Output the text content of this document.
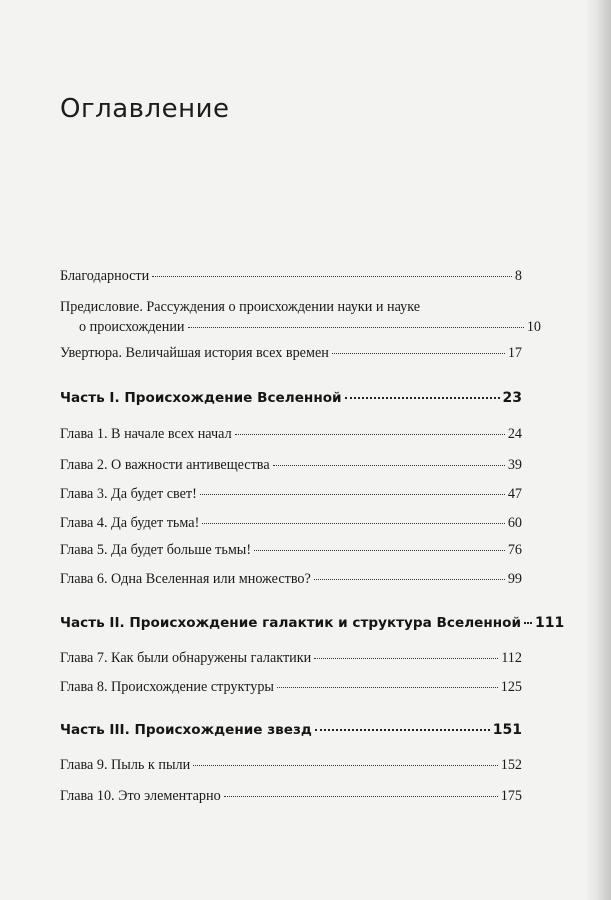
Оглавление
Благодарности	8
Предисловие. Рассуждения о происхождении науки и науке
о происхождении	10
Увертюра. Величайшая история всех времен	17
Часть I. Происхождение Вселенной	23
Глава 1. В начале всех начал	24
Глава 2. О важности антивещества	39
Глава 3. Да будет свет!	47
Глава 4. Да будет тьма!	60
Глава 5. Да будет больше тьмы!	76
Глава 6. Одна Вселенная или множество?	99
Часть II. Происхождение галактик и структура Вселенной 111
Глава 7. Как были обнаружены галактики	112
Глава 8. Происхождение структуры	125
Часть III. Происхождение звезд	151
Глава 9. Пыль к пыли	152
Глава 10. Это элементарно	175
